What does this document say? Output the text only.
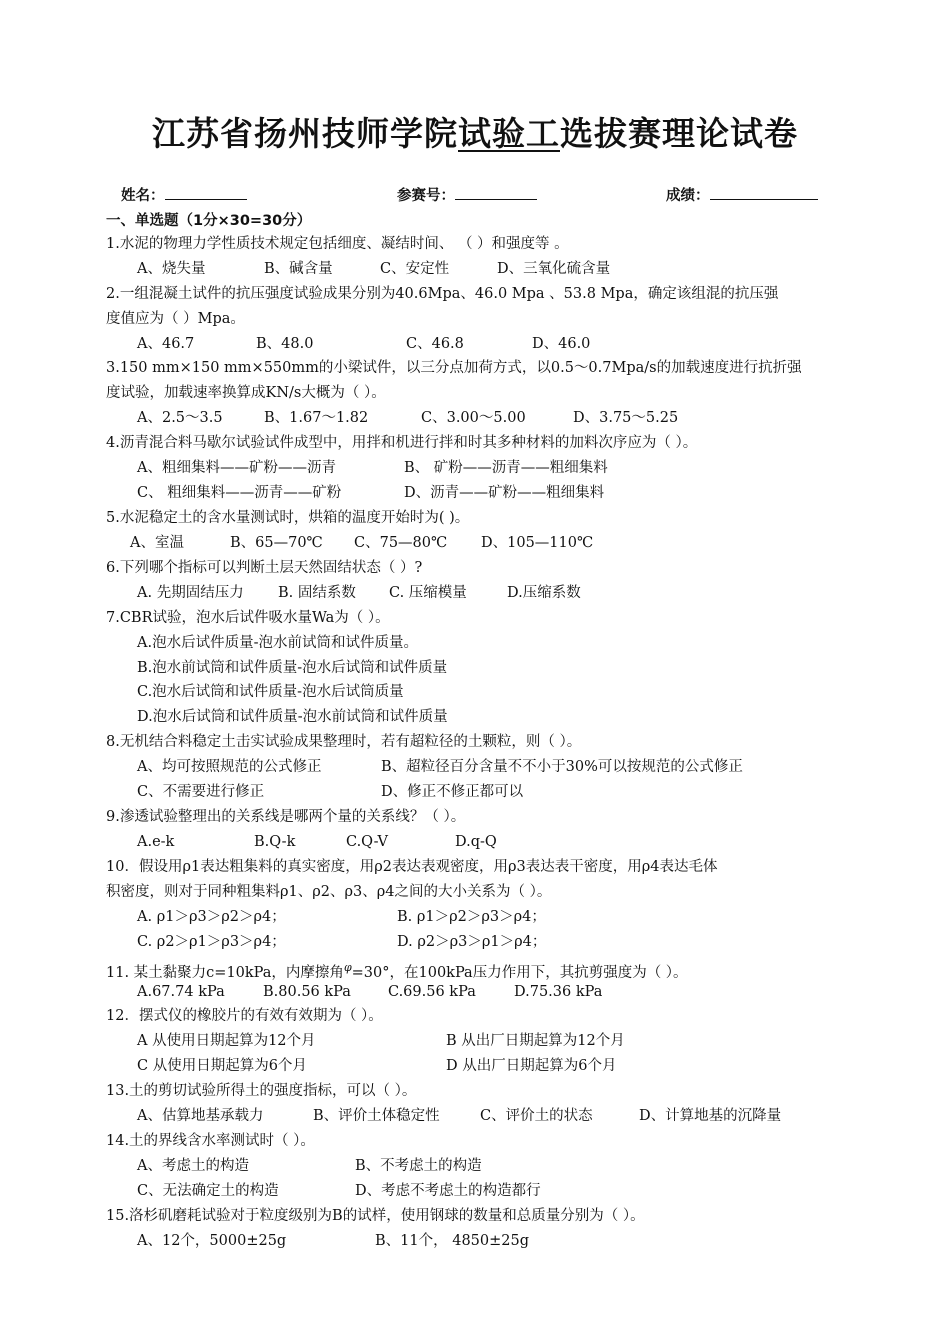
江苏省扬州技师学院试验工选拔赛理论试卷
姓名：	参赛号：	成绩：
一、单选题（1分×30=30分）
1.水泥的物理力学性质技术规定包括细度、凝结时间、 （ ）和强度等 。
A、烧失量	B、碱含量	C、安定性	D、三氧化硫含量
2.一组混凝土试件的抗压强度试验成果分别为40.6Mpa、46.0 Mpa 、53.8 Mpa，确定该组混的抗压强
度值应为（ ）Mpa。
A、46.7	B、48.0	C、46.8	D、46.0
3.150 mm×150 mm×550mm的小梁试件，以三分点加荷方式，以0.5～0.7Mpa/s的加载速度进行抗折强
度试验，加载速率换算成KN/s大概为（ ）。
A、2.5～3.5	B、1.67～1.82	C、3.00～5.00	D、3.75～5.25
4.沥青混合料马歇尔试验试件成型中，用拌和机进行拌和时其多种材料的加料次序应为（ ）。
A、粗细集料——矿粉——沥青	B、 矿粉——沥青——粗细集料
C、 粗细集料——沥青——矿粉	D、沥青——矿粉——粗细集料
5.水泥稳定土的含水量测试时，烘箱的温度开始时为( )。
A、室温	B、65—70℃ C、75—80℃ D、105—110℃
6.下列哪个指标可以判断土层天然固结状态（ ）?
A. 先期固结压力 B. 固结系数 C. 压缩模量	D.压缩系数
7.CBR试验，泡水后试件吸水量Wa为（ ）。
A.泡水后试件质量-泡水前试筒和试件质量。
B.泡水前试筒和试件质量-泡水后试筒和试件质量
C.泡水后试筒和试件质量-泡水后试筒质量
D.泡水后试筒和试件质量-泡水前试筒和试件质量
8.无机结合料稳定土击实试验成果整理时，若有超粒径的土颗粒，则（ ）。
A、均可按照规范的公式修正	B、超粒径百分含量不不小于30%可以按规范的公式修正
C、不需要进行修正	D、修正不修正都可以
9.渗透试验整理出的关系线是哪两个量的关系线？（ ）。
A.e-k	B.Q-k	C.Q-V	D.q-Q
10．假设用ρ1表达粗集料的真实密度，用ρ2表达表观密度，用ρ3表达表干密度，用ρ4表达毛体
积密度，则对于同种粗集料ρ1、ρ2、ρ3、ρ4之间的大小关系为（ ）。
A. ρ1＞ρ3＞ρ2＞ρ4；	B. ρ1＞ρ2＞ρ3＞ρ4；
C. ρ2＞ρ1＞ρ3＞ρ4；	D. ρ2＞ρ3＞ρ1＞ρ4；
11. 某土黏聚力c=10kPa，内摩擦角$^\varphi$=30°，在100kPa压力作用下，其抗剪强度为（ ）。
A.67.74 kPa	B.80.56 kPa	C.69.56 kPa	D.75.36 kPa
12．摆式仪的橡胶片的有效有效期为（ ）。
A 从使用日期起算为12个月	B 从出厂日期起算为12个月
C 从使用日期起算为6个月	D 从出厂日期起算为6个月
13.土的剪切试验所得土的强度指标，可以（ ）。
A、估算地基承载力	B、评价土体稳定性	C、评价土的状态	D、计算地基的沉降量
14.土的界线含水率测试时（ ）。
A、考虑土的构造	B、不考虑土的构造
C、无法确定土的构造	D、考虑不考虑土的构造都行
15.洛杉矶磨耗试验对于粒度级别为B的试样，使用钢球的数量和总质量分别为（ ）。
A、12个，5000±25g	B、11个， 4850±25g
